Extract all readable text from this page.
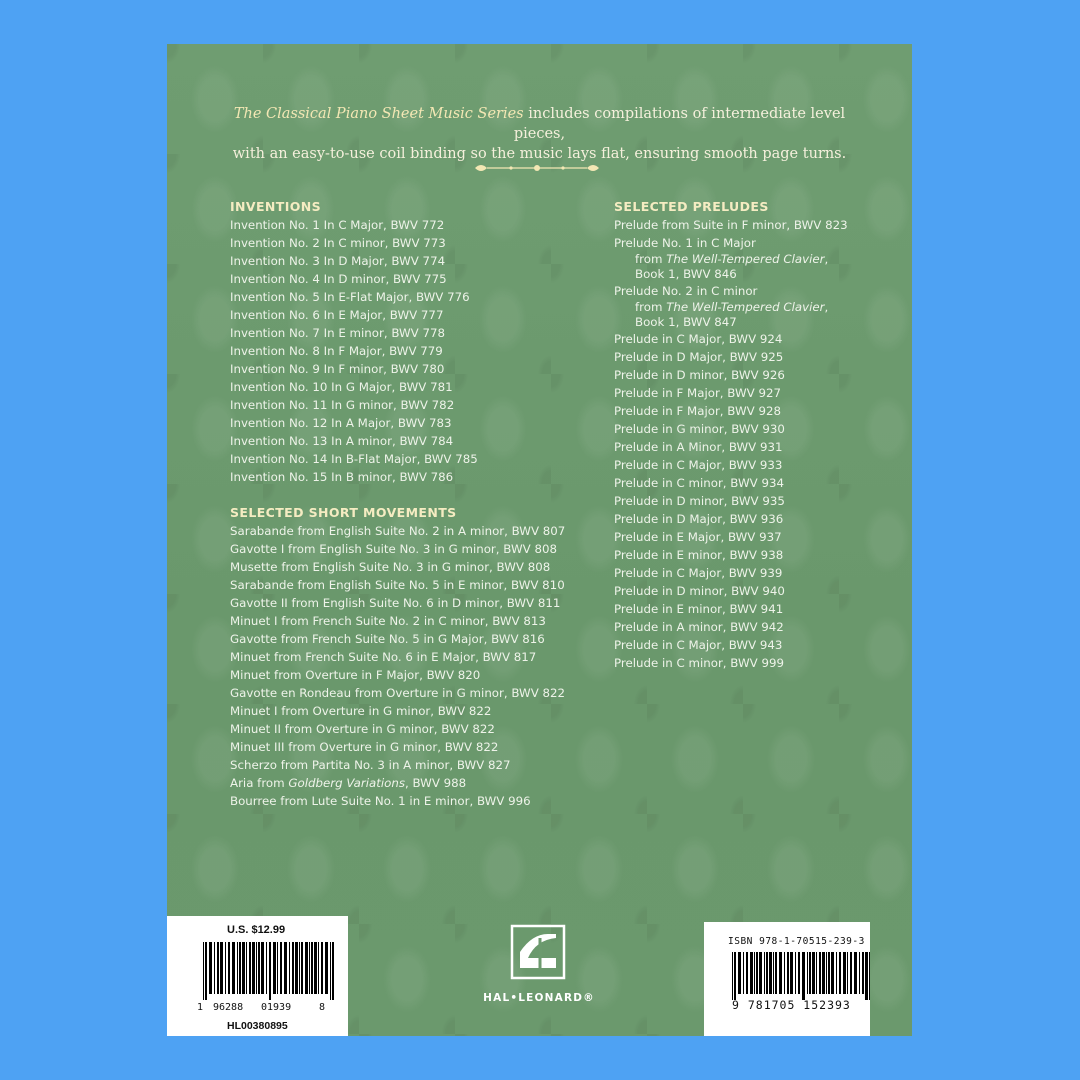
The Classical Piano Sheet Music Series includes compilations of intermediate level pieces,
with an easy-to-use coil binding so the music lays flat, ensuring smooth page turns.
INVENTIONS
Invention No. 1 In C Major, BWV 772
Invention No. 2 In C minor, BWV 773
Invention No. 3 In D Major, BWV 774
Invention No. 4 In D minor, BWV 775
Invention No. 5 In E-Flat Major, BWV 776
Invention No. 6 In E Major, BWV 777
Invention No. 7 In E minor, BWV 778
Invention No. 8 In F Major, BWV 779
Invention No. 9 In F minor, BWV 780
Invention No. 10 In G Major, BWV 781
Invention No. 11 In G minor, BWV 782
Invention No. 12 In A Major, BWV 783
Invention No. 13 In A minor, BWV 784
Invention No. 14 In B-Flat Major, BWV 785
Invention No. 15 In B minor, BWV 786
SELECTED SHORT MOVEMENTS
Sarabande from English Suite No. 2 in A minor, BWV 807
Gavotte I from English Suite No. 3 in G minor, BWV 808
Musette from English Suite No. 3 in G minor, BWV 808
Sarabande from English Suite No. 5 in E minor, BWV 810
Gavotte II from English Suite No. 6 in D minor, BWV 811
Minuet I from French Suite No. 2 in C minor, BWV 813
Gavotte from French Suite No. 5 in G Major, BWV 816
Minuet from French Suite No. 6 in E Major, BWV 817
Minuet from Overture in F Major, BWV 820
Gavotte en Rondeau from Overture in G minor, BWV 822
Minuet I from Overture in G minor, BWV 822
Minuet II from Overture in G minor, BWV 822
Minuet III from Overture in G minor, BWV 822
Scherzo from Partita No. 3 in A minor, BWV 827
Aria from Goldberg Variations, BWV 988
Bourree from Lute Suite No. 1 in E minor, BWV 996
SELECTED PRELUDES
Prelude from Suite in F minor, BWV 823
Prelude No. 1 in C Major
from The Well-Tempered Clavier,
Book 1, BWV 846
Prelude No. 2 in C minor
from The Well-Tempered Clavier,
Book 1, BWV 847
Prelude in C Major, BWV 924
Prelude in D Major, BWV 925
Prelude in D minor, BWV 926
Prelude in F Major, BWV 927
Prelude in F Major, BWV 928
Prelude in G minor, BWV 930
Prelude in A Minor, BWV 931
Prelude in C Major, BWV 933
Prelude in C minor, BWV 934
Prelude in D minor, BWV 935
Prelude in D Major, BWV 936
Prelude in E Major, BWV 937
Prelude in E minor, BWV 938
Prelude in C Major, BWV 939
Prelude in D minor, BWV 940
Prelude in E minor, BWV 941
Prelude in A minor, BWV 942
Prelude in C Major, BWV 943
Prelude in C minor, BWV 999
U.S. $12.99
1 96288 01939	8
HL00380895
HAL•LEONARD®
ISBN 978-1-70515-239-3
9 781705 152393
